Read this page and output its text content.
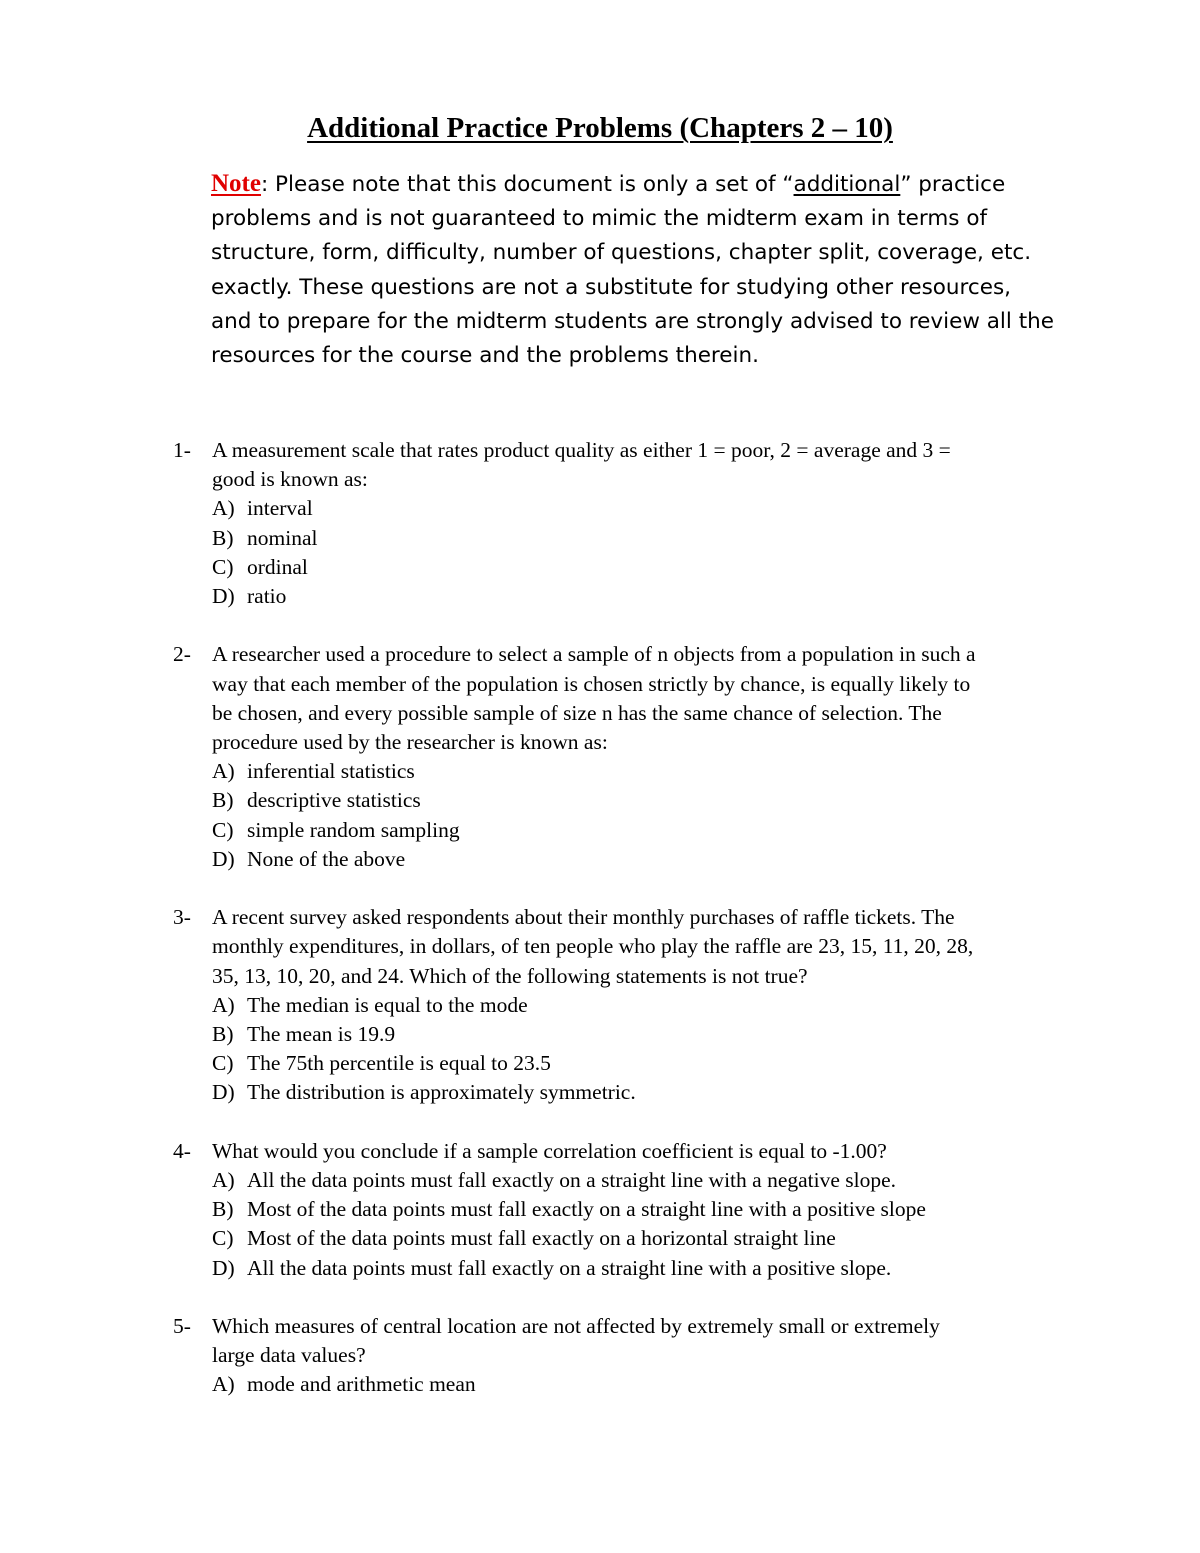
Additional Practice Problems (Chapters 2 – 10)
Note: Please note that this document is only a set of “additional” practice
problems and is not guaranteed to mimic the midterm exam in terms of
structure, form, difficulty, number of questions, chapter split, coverage, etc.
exactly. These questions are not a substitute for studying other resources,
and to prepare for the midterm students are strongly advised to review all the
resources for the course and the problems therein.
1- A measurement scale that rates product quality as either 1 = poor, 2 = average and 3 =
good is known as:
A) interval
B) nominal
C) ordinal
D) ratio
2- A researcher used a procedure to select a sample of n objects from a population in such a
way that each member of the population is chosen strictly by chance, is equally likely to
be chosen, and every possible sample of size n has the same chance of selection. The
procedure used by the researcher is known as:
A) inferential statistics
B) descriptive statistics
C) simple random sampling
D) None of the above
3- A recent survey asked respondents about their monthly purchases of raffle tickets. The
monthly expenditures, in dollars, of ten people who play the raffle are 23, 15, 11, 20, 28,
35, 13, 10, 20, and 24. Which of the following statements is not true?
A) The median is equal to the mode
B) The mean is 19.9
C) The 75th percentile is equal to 23.5
D) The distribution is approximately symmetric.
4- What would you conclude if a sample correlation coefficient is equal to -1.00?
A) All the data points must fall exactly on a straight line with a negative slope.
B) Most of the data points must fall exactly on a straight line with a positive slope
C) Most of the data points must fall exactly on a horizontal straight line
D) All the data points must fall exactly on a straight line with a positive slope.
5- Which measures of central location are not affected by extremely small or extremely
large data values?
A) mode and arithmetic mean
